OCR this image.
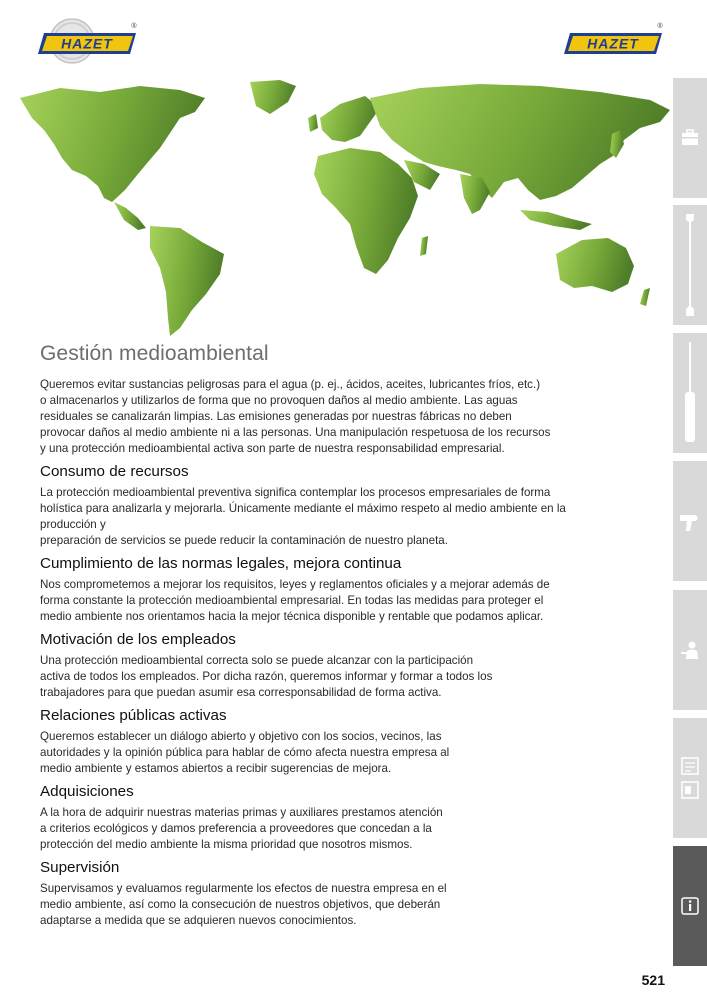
HAZET
®
HAZET
®
Gestión medioambiental

Queremos evitar sustancias peligrosas para el agua (p. ej., ácidos, aceites, lubricantes fríos, etc.)
o almacenarlos y utilizarlos de forma que no provoquen daños al medio ambiente. Las aguas
residuales se canalizarán limpias. Las emisiones generadas por nuestras fábricas no deben
provocar daños al medio ambiente ni a las personas. Una manipulación respetuosa de los recursos
y una protección medioambiental activa son parte de nuestra responsabilidad empresarial.

Consumo de recursos

La protección medioambiental preventiva significa contemplar los procesos empresariales de forma
holística para analizarla y mejorarla. Únicamente mediante el máximo respeto al medio ambiente en la
producción y
preparación de servicios se puede reducir la contaminación de nuestro planeta.

Cumplimiento de las normas legales, mejora continua

Nos comprometemos a mejorar los requisitos, leyes y reglamentos oficiales y a mejorar además de
forma constante la protección medioambiental empresarial. En todas las medidas para proteger el
medio ambiente nos orientamos hacia la mejor técnica disponible y rentable que podamos aplicar.

Motivación de los empleados

Una protección medioambiental correcta solo se puede alcanzar con la participación
activa de todos los empleados. Por dicha razón, queremos informar y formar a todos los
trabajadores para que puedan asumir esa corresponsabilidad de forma activa.

Relaciones públicas activas

Queremos establecer un diálogo abierto y objetivo con los socios, vecinos, las
autoridades y la opinión pública para hablar de cómo afecta nuestra empresa al
medio ambiente y estamos abiertos a recibir sugerencias de mejora.

Adquisiciones

A la hora de adquirir nuestras materias primas y auxiliares prestamos atención
a criterios ecológicos y damos preferencia a proveedores que concedan a la
protección del medio ambiente la misma prioridad que nosotros mismos.

Supervisión

Supervisamos y evaluamos regularmente los efectos de nuestra empresa en el
medio ambiente, así como la consecución de nuestros objetivos, que deberán
adaptarse a medida que se adquieren nuevos conocimientos.

521
